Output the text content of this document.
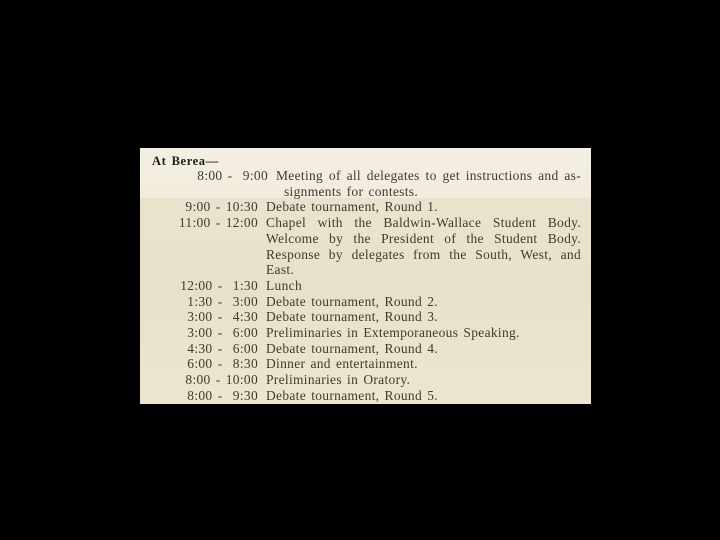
At Berea—
8:00 -  9:00 Meeting of all delegates to get instructions and as-
signments for contests.
9:00 - 10:30 Debate tournament, Round 1.
11:00 - 12:00 Chapel with the Baldwin-Wallace Student Body.
Welcome by the President of the Student Body.
Response by delegates from the South, West, and
East.
12:00 -  1:30 Lunch
1:30 -  3:00 Debate tournament, Round 2.
3:00 -  4:30 Debate tournament, Round 3.
3:00 -  6:00 Preliminaries in Extemporaneous Speaking.
4:30 -  6:00 Debate tournament, Round 4.
6:00 -  8:30 Dinner and entertainment.
8:00 - 10:00 Preliminaries in Oratory.
8:00 -  9:30 Debate tournament, Round 5.
